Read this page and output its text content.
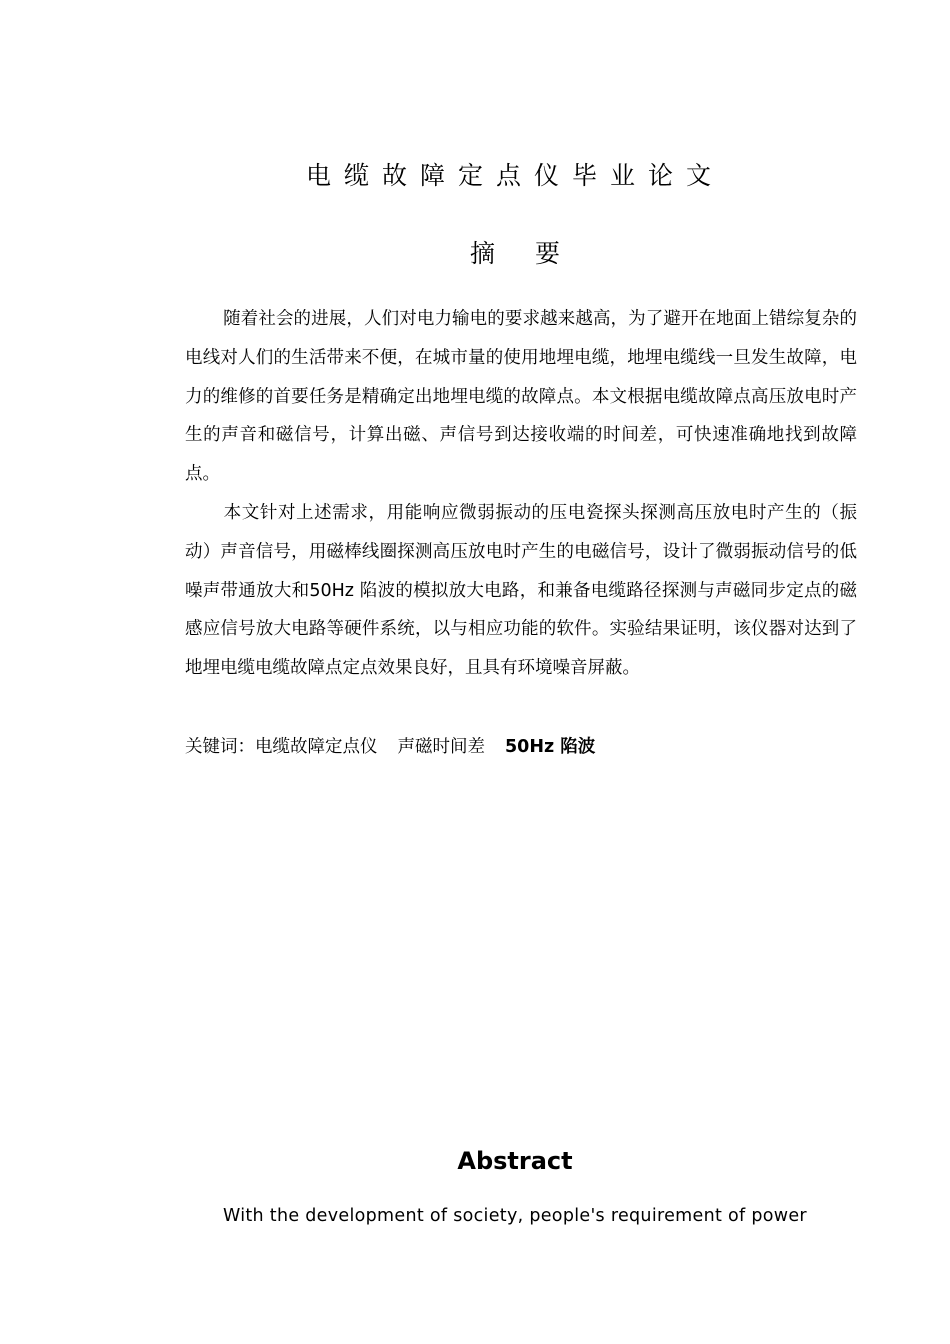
电缆故障定点仪毕业论文
摘 要
随着社会的进展，人们对电力输电的要求越来越高，为了避开在地面上错综复杂的电线对人们的生活带来不便，在城市量的使用地埋电缆，地埋电缆线一旦发生故障，电力的维修的首要任务是精确定出地埋电缆的故障点。本文根据电缆故障点高压放电时产生的声音和磁信号，计算出磁、声信号到达接收端的时间差，可快速准确地找到故障点。
本文针对上述需求，用能响应微弱振动的压电瓷探头探测高压放电时产生的（振动）声音信号，用磁棒线圈探测高压放电时产生的电磁信号，设计了微弱振动信号的低噪声带通放大和50Hz 陷波的模拟放大电路，和兼备电缆路径探测与声磁同步定点的磁感应信号放大电路等硬件系统，以与相应功能的软件。实验结果证明，该仪器对达到了地埋电缆电缆故障点定点效果良好，且具有环境噪音屏蔽。
关键词：电缆故障定点仪 声磁时间差 50Hz 陷波
Abstract
With the development of society, people's requirement of power
